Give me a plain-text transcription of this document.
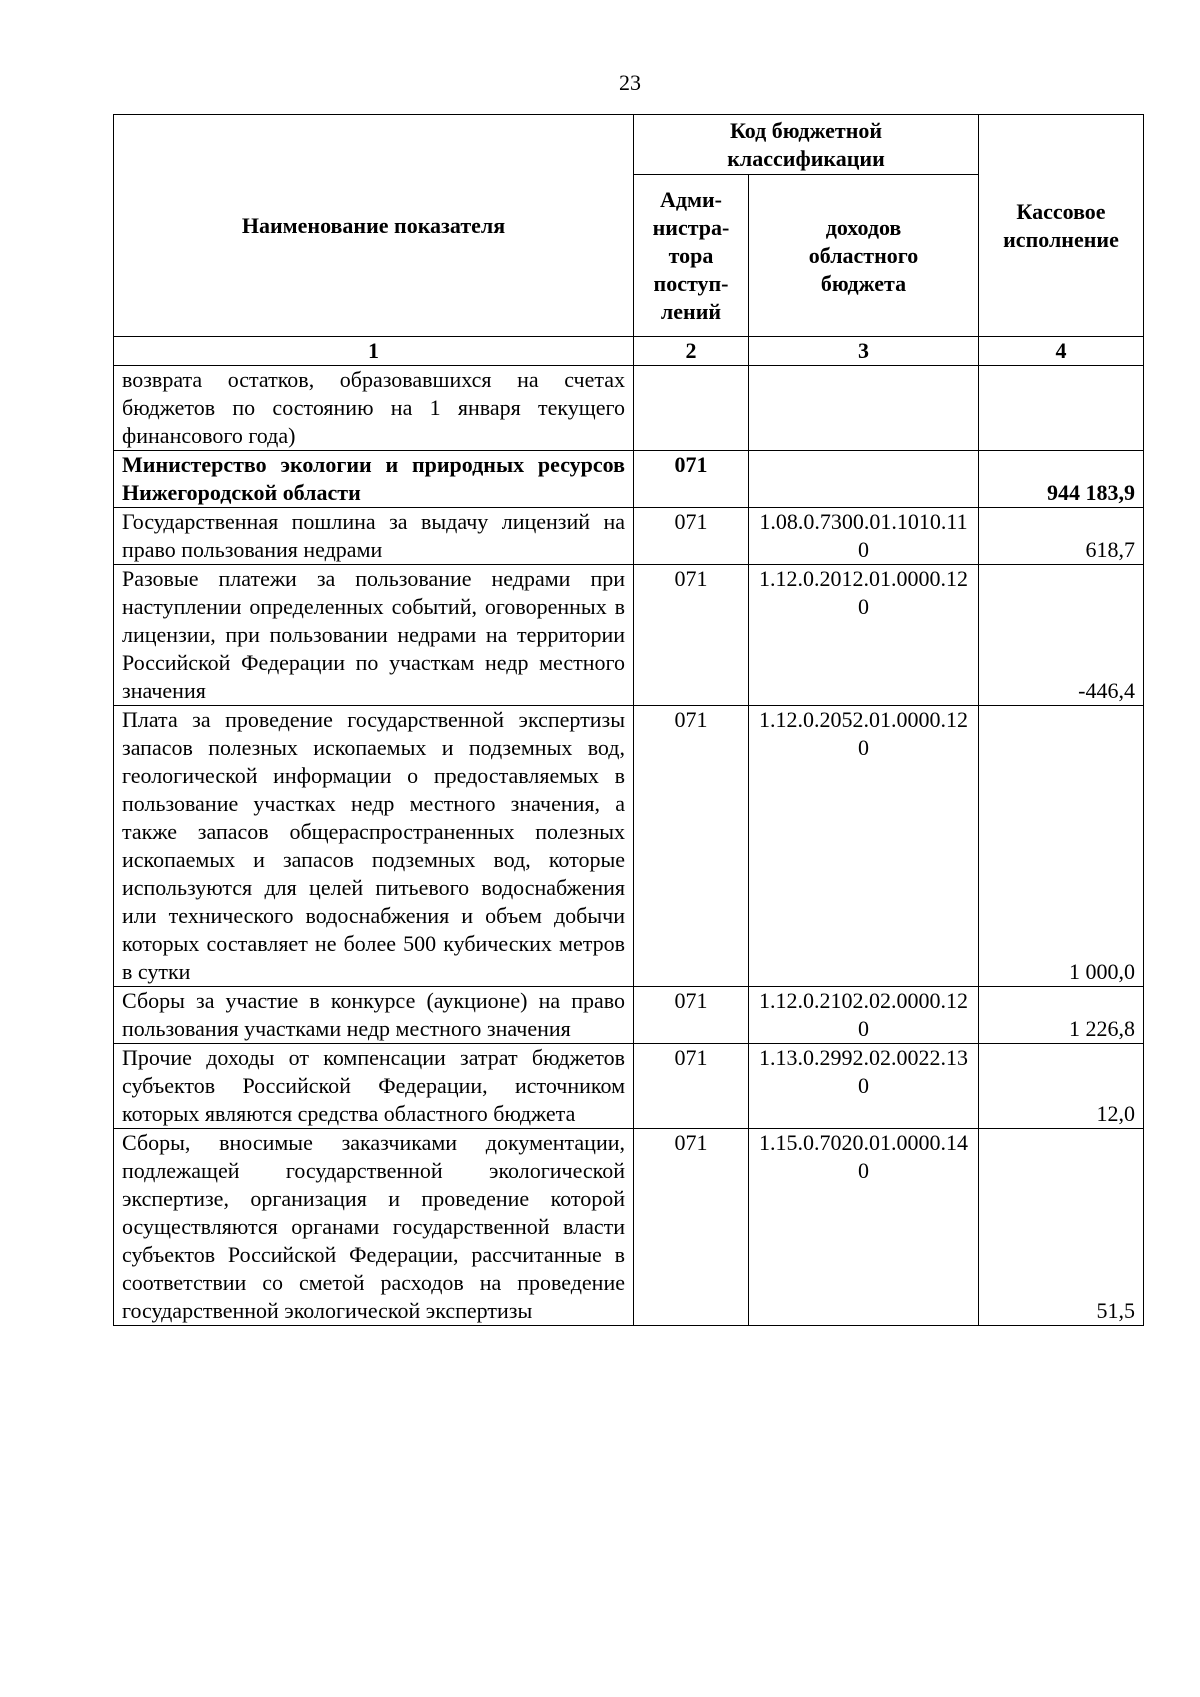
23
Наименование показателя	Код бюджетной классификации		Кассовое исполнение
	Адми-нистра-тора поступ-лений	доходов областного бюджета	
1	2	3	4
возврата остатков, образовавшихся на счетах бюджетов по состоянию на 1 января текущего финансового года)			
Министерство экологии и природных ресурсов Нижегородской области	071		944 183,9
Государственная пошлина за выдачу лицензий на право пользования недрами	071	1.08.0.7300.01.1010.110	618,7
Разовые платежи за пользование недрами при наступлении определенных событий, оговоренных в лицензии, при пользовании недрами на территории Российской Федерации по участкам недр местного значения	071	1.12.0.2012.01.0000.120	-446,4
Плата за проведение государственной экспертизы запасов полезных ископаемых и подземных вод, геологической информации о предоставляемых в пользование участках недр местного значения, а также запасов общераспространенных полезных ископаемых и запасов подземных вод, которые используются для целей питьевого водоснабжения или технического водоснабжения и объем добычи которых составляет не более 500 кубических метров в сутки	071	1.12.0.2052.01.0000.120	1 000,0
Сборы за участие в конкурсе (аукционе) на право пользования участками недр местного значения	071	1.12.0.2102.02.0000.120	1 226,8
Прочие доходы от компенсации затрат бюджетов субъектов Российской Федерации, источником которых являются средства областного бюджета	071	1.13.0.2992.02.0022.130	12,0
Сборы, вносимые заказчиками документации, подлежащей государственной экологической экспертизе, организация и проведение которой осуществляются органами государственной власти субъектов Российской Федерации, рассчитанные в соответствии со сметой расходов на проведение государственной экологической экспертизы	071	1.15.0.7020.01.0000.140	51,5
